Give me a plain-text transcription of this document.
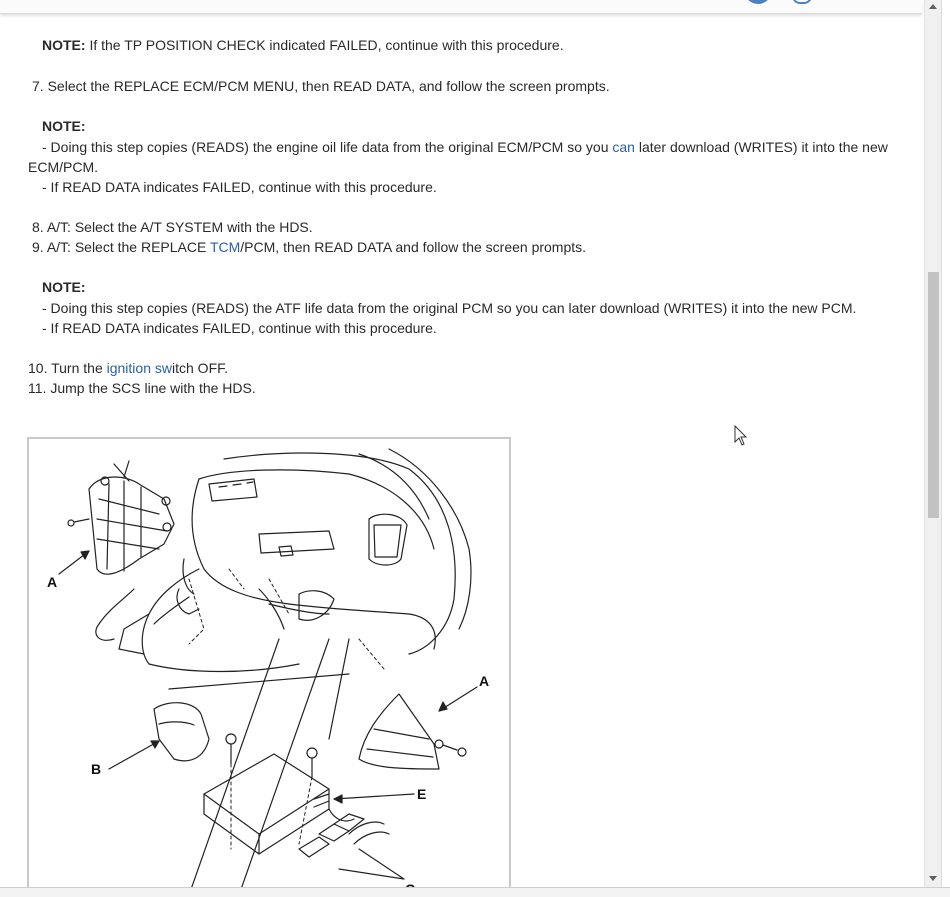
NOTE: If the TP POSITION CHECK indicated FAILED, continue with this procedure.
7. Select the REPLACE ECM/PCM MENU, then READ DATA, and follow the screen prompts.
NOTE:
- Doing this step copies (READS) the engine oil life data from the original ECM/PCM so you can later download (WRITES) it into the new
ECM/PCM.
- If READ DATA indicates FAILED, continue with this procedure.
8. A/T: Select the A/T SYSTEM with the HDS.
9. A/T: Select the REPLACE TCM/PCM, then READ DATA and follow the screen prompts.
NOTE:
- Doing this step copies (READS) the ATF life data from the original PCM so you can later download (WRITES) it into the new PCM.
- If READ DATA indicates FAILED, continue with this procedure.
10. Turn the ignition switch OFF.
11. Jump the SCS line with the HDS.
A
A
B
E
